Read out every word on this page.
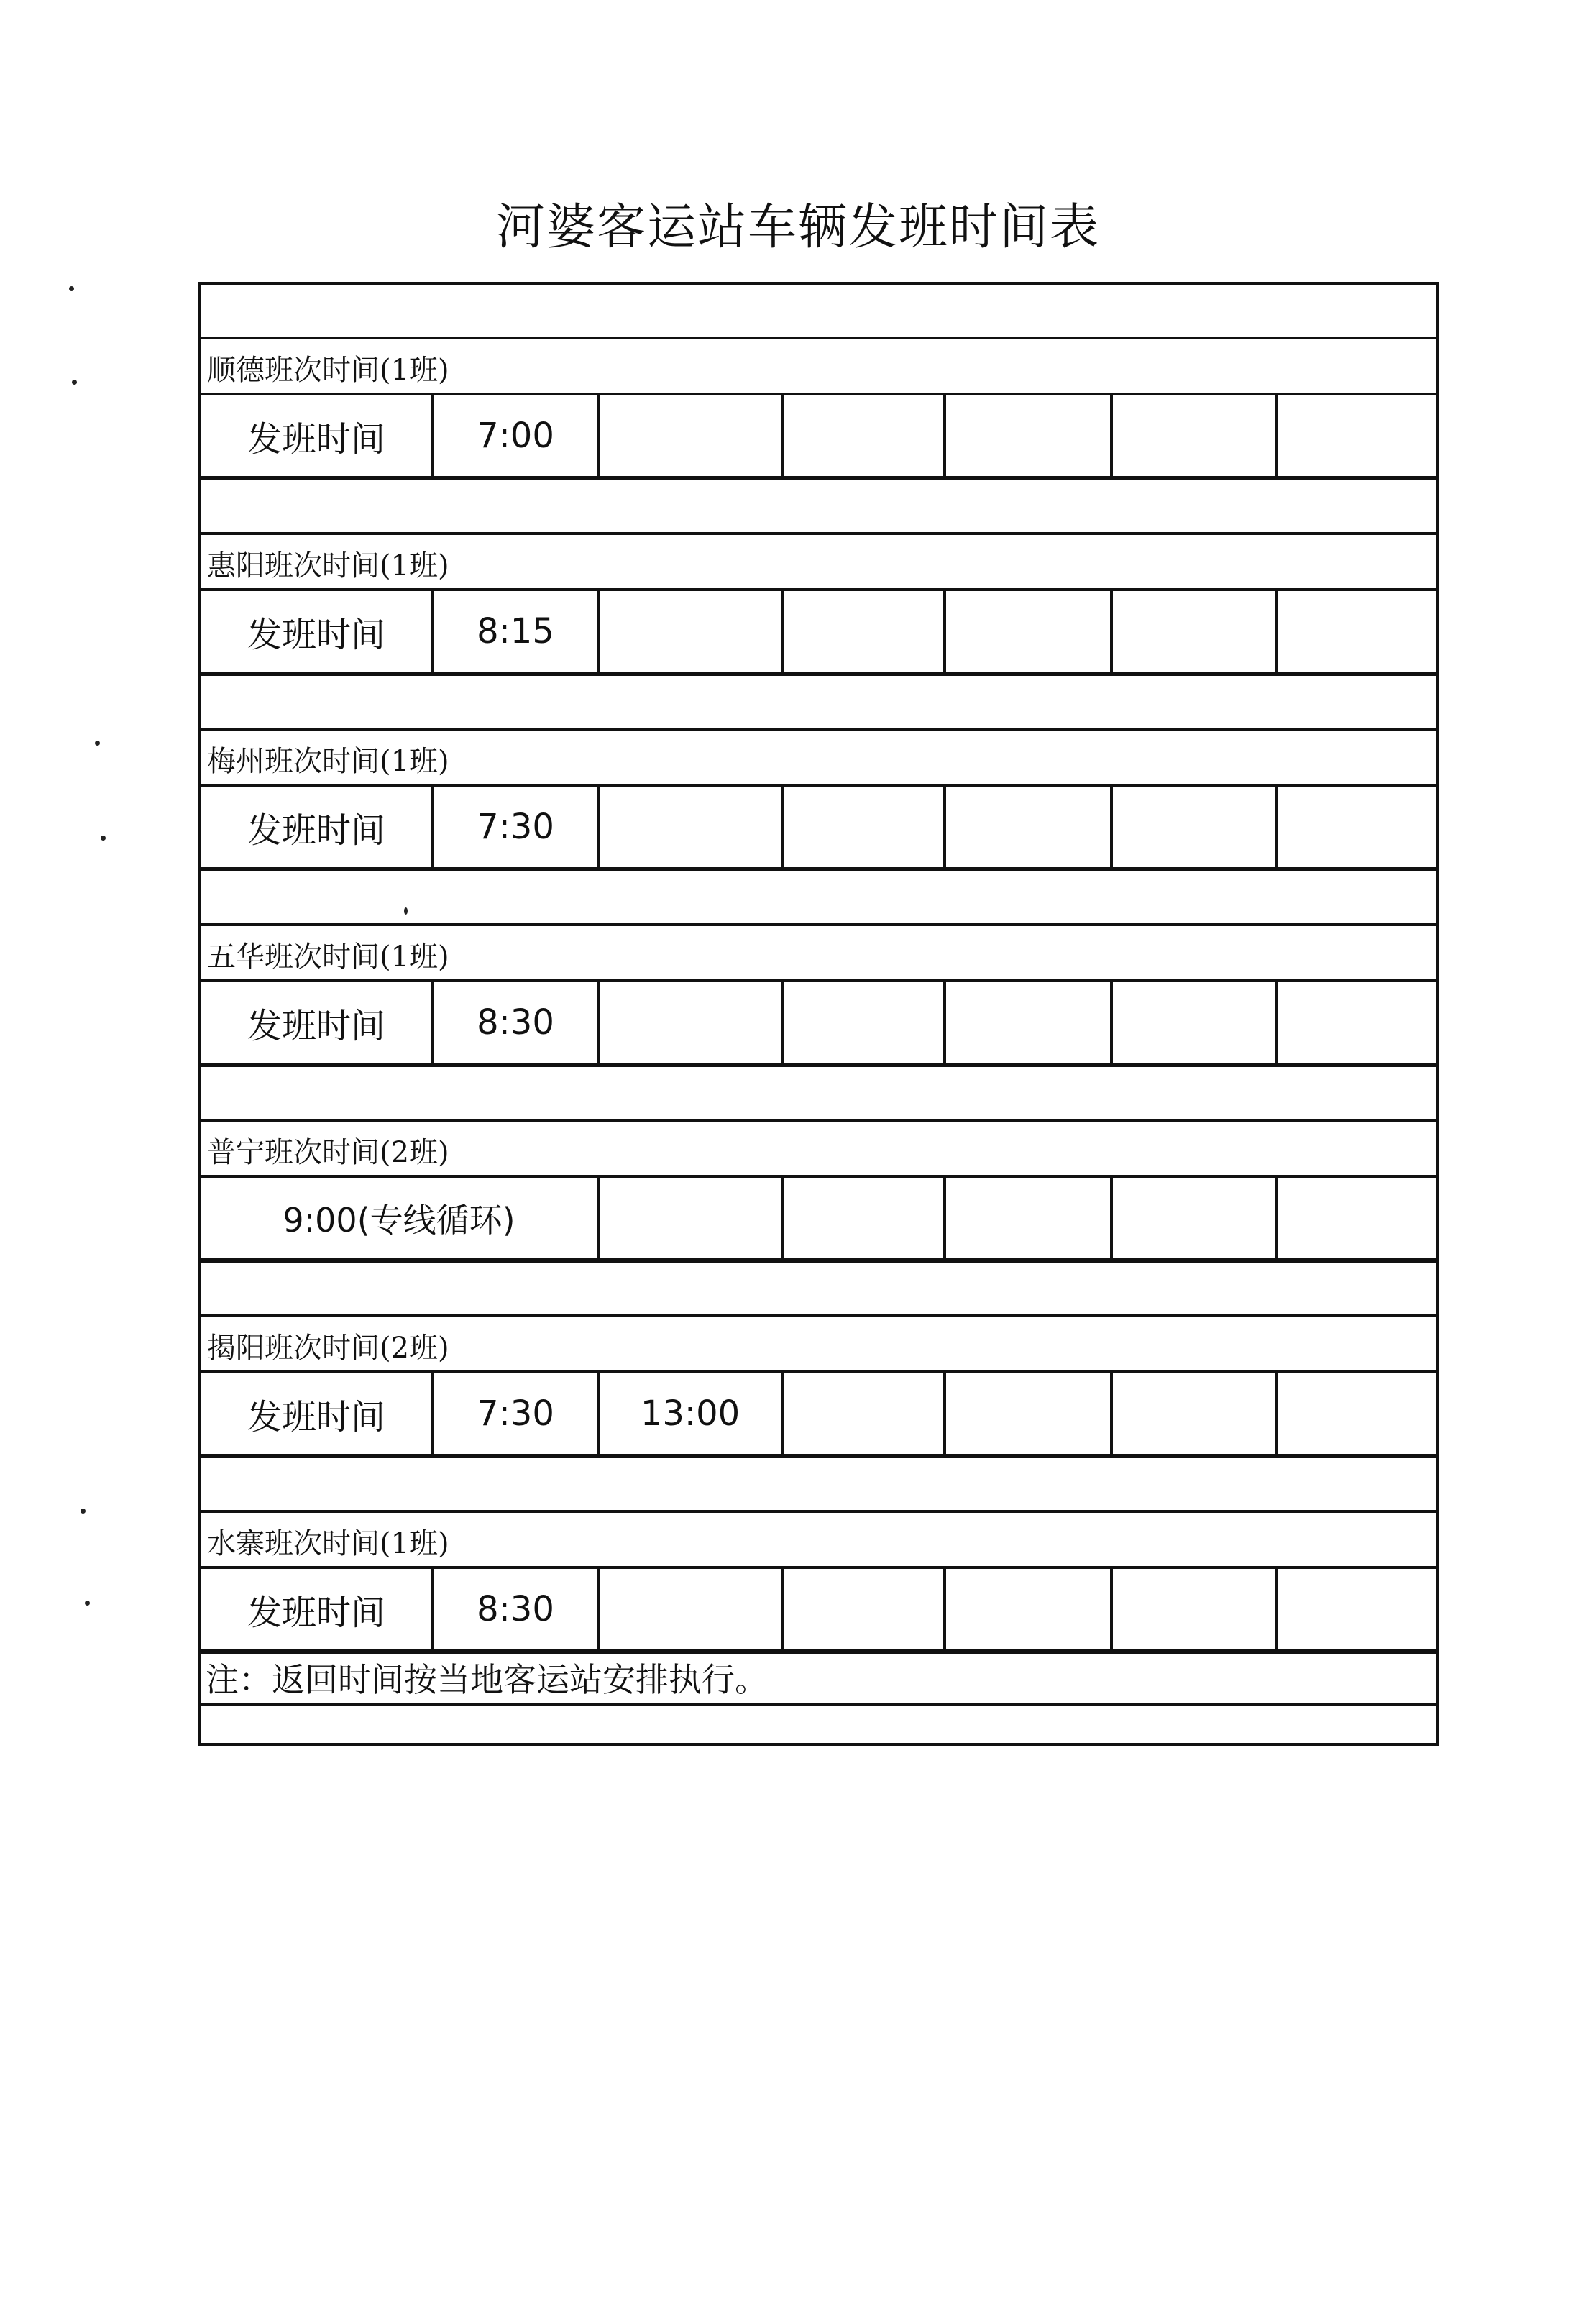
河婆客运站车辆发班时间表
顺德班次时间(1班)
发班时间	7:00
惠阳班次时间(1班)
发班时间	8:15
梅州班次时间(1班)
发班时间	7:30
五华班次时间(1班)
发班时间	8:30
普宁班次时间(2班)
9:00(专线循环)
揭阳班次时间(2班)
发班时间	7:30	13:00
水寨班次时间(1班)
发班时间	8:30
注：返回时间按当地客运站安排执行。
